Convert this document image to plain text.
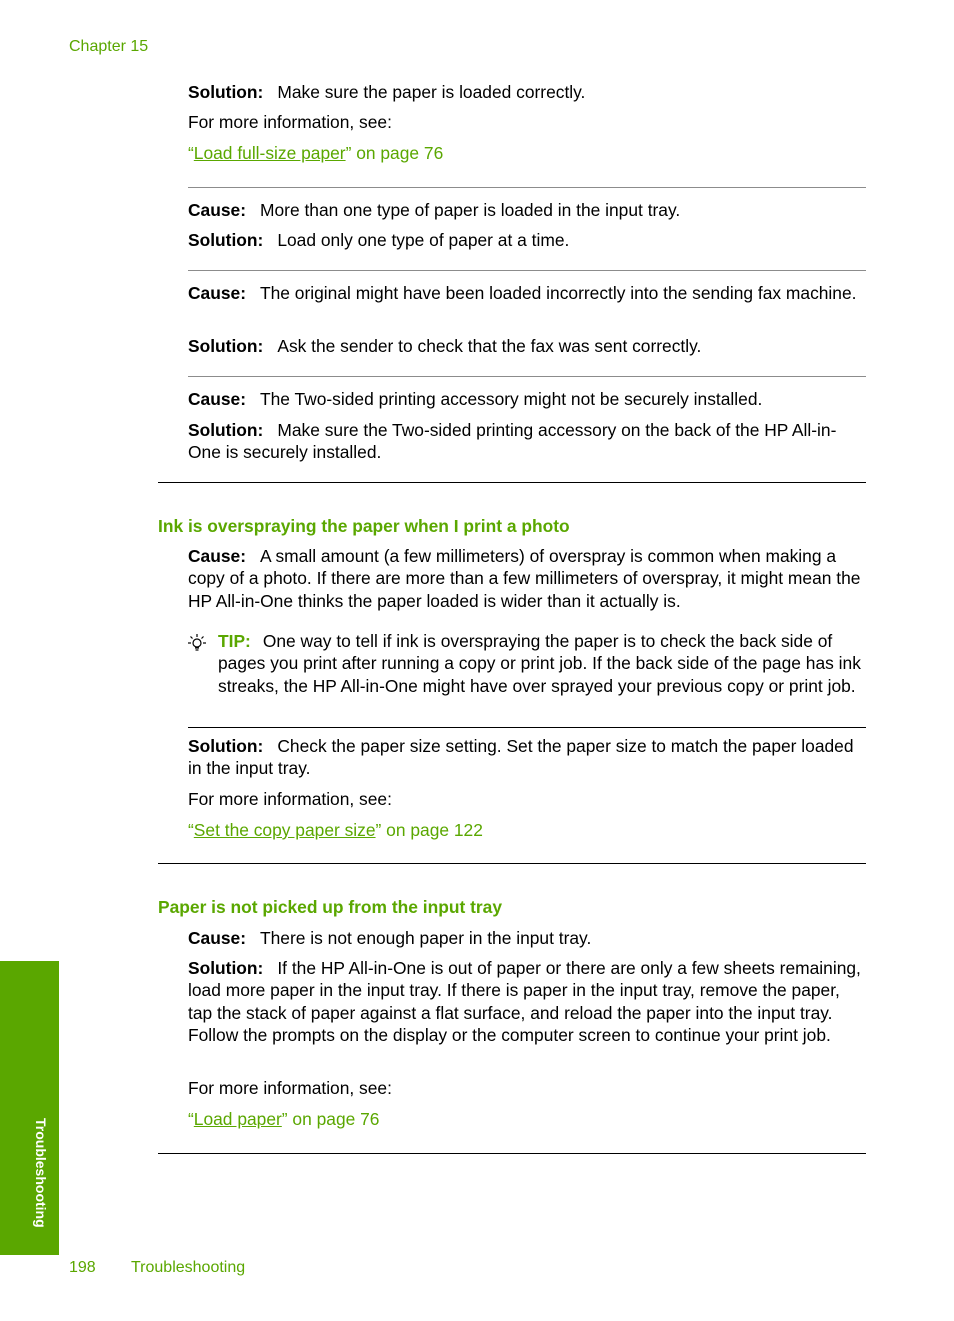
Chapter 15

Solution: Make sure the paper is loaded correctly.

For more information, see:

“Load full-size paper” on page 76

Cause: More than one type of paper is loaded in the input tray.

Solution: Load only one type of paper at a time.

Cause: The original might have been loaded incorrectly into the sending fax machine.

Solution: Ask the sender to check that the fax was sent correctly.

Cause: The Two-sided printing accessory might not be securely installed.

Solution: Make sure the Two-sided printing accessory on the back of the HP All-in-One is securely installed.

Ink is overspraying the paper when I print a photo

Cause: A small amount (a few millimeters) of overspray is common when making a copy of a photo. If there are more than a few millimeters of overspray, it might mean the HP All-in-One thinks the paper loaded is wider than it actually is.

TIP: One way to tell if ink is overspraying the paper is to check the back side of pages you print after running a copy or print job. If the back side of the page has ink streaks, the HP All-in-One might have over sprayed your previous copy or print job.

Solution: Check the paper size setting. Set the paper size to match the paper loaded in the input tray.

For more information, see:

“Set the copy paper size” on page 122

Paper is not picked up from the input tray

Cause: There is not enough paper in the input tray.

Solution: If the HP All-in-One is out of paper or there are only a few sheets remaining, load more paper in the input tray. If there is paper in the input tray, remove the paper, tap the stack of paper against a flat surface, and reload the paper into the input tray. Follow the prompts on the display or the computer screen to continue your print job.

For more information, see:

“Load paper” on page 76

Troubleshooting
198 Troubleshooting
